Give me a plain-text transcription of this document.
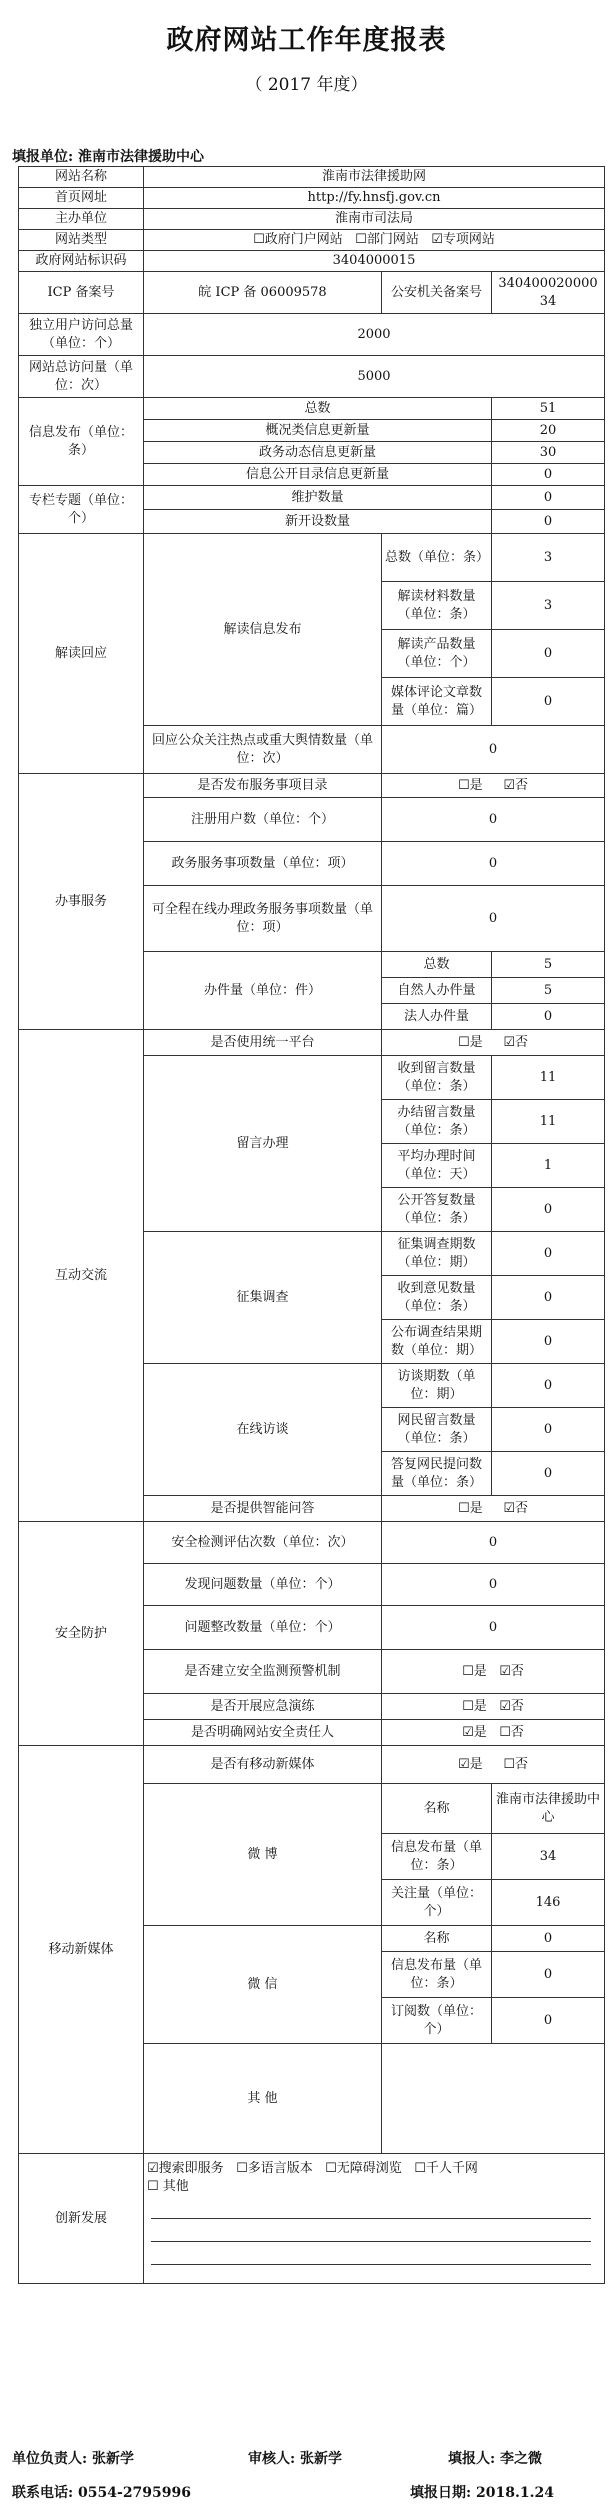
政府网站工作年度报表
（ 2017 年度）
填报单位: 淮南市法律援助中心
网站名称	淮南市法律援助网		
首页网址	http://fy.hnsfj.gov.cn		
主办单位	淮南市司法局		
网站类型	☐政府门户网站 ☐部门网站 ☑专项网站		
政府网站标识码	3404000015		
ICP 备案号	皖 ICP 备 06009578	公安机关备案号	34040002000034
独立用户访问总量（单位：个）	2000		
网站总访问量（单位：次）	5000		
信息发布（单位：条）	总数		51
	概况类信息更新量		20
	政务动态信息更新量		30
	信息公开目录信息更新量		0
专栏专题（单位：个）	维护数量		0
	新开设数量		0
解读回应	解读信息发布	总数（单位：条）	3
		解读材料数量（单位：条）	3
		解读产品数量（单位：个）	0
		媒体评论文章数量（单位：篇）	0
	回应公众关注热点或重大舆情数量（单位：次）	0	
办事服务	是否发布服务事项目录	☐是 ☑否	
	注册用户数（单位：个）	0	
	政务服务事项数量（单位：项）	0	
	可全程在线办理政务服务事项数量（单位：项）	0	
	办件量（单位：件）	总数	5
		自然人办件量	5
		法人办件量	0
互动交流	是否使用统一平台	☐是 ☑否	
	留言办理	收到留言数量（单位：条）	11
		办结留言数量（单位：条）	11
		平均办理时间（单位：天）	1
		公开答复数量（单位：条）	0
	征集调查	征集调查期数（单位：期）	0
		收到意见数量（单位：条）	0
		公布调查结果期数（单位：期）	0
	在线访谈	访谈期数（单位：期）	0
		网民留言数量（单位：条）	0
		答复网民提问数量（单位：条）	0
	是否提供智能问答	☐是 ☑否	
安全防护	安全检测评估次数（单位：次）	0	
	发现问题数量（单位：个）	0	
	问题整改数量（单位：个）	0	
	是否建立安全监测预警机制	☐是 ☑否	
	是否开展应急演练	☐是 ☑否	
	是否明确网站安全责任人	☑是 ☐否	
移动新媒体	是否有移动新媒体	☑是 ☐否	
	微 博	名称	淮南市法律援助中心
		信息发布量（单位：条）	34
		关注量（单位：个）	146
	微 信	名称	0
		信息发布量（单位：条）	0
		订阅数（单位：个）	0
	其 他		
创新发展	☑搜索即服务 ☐多语言版本 ☐无障碍浏览 ☐千人千网
☐ 其他		
单位负责人: 张新学	审核人: 张新学	填报人: 李之微
联系电话: 0554-2795996	填报日期: 2018.1.24
